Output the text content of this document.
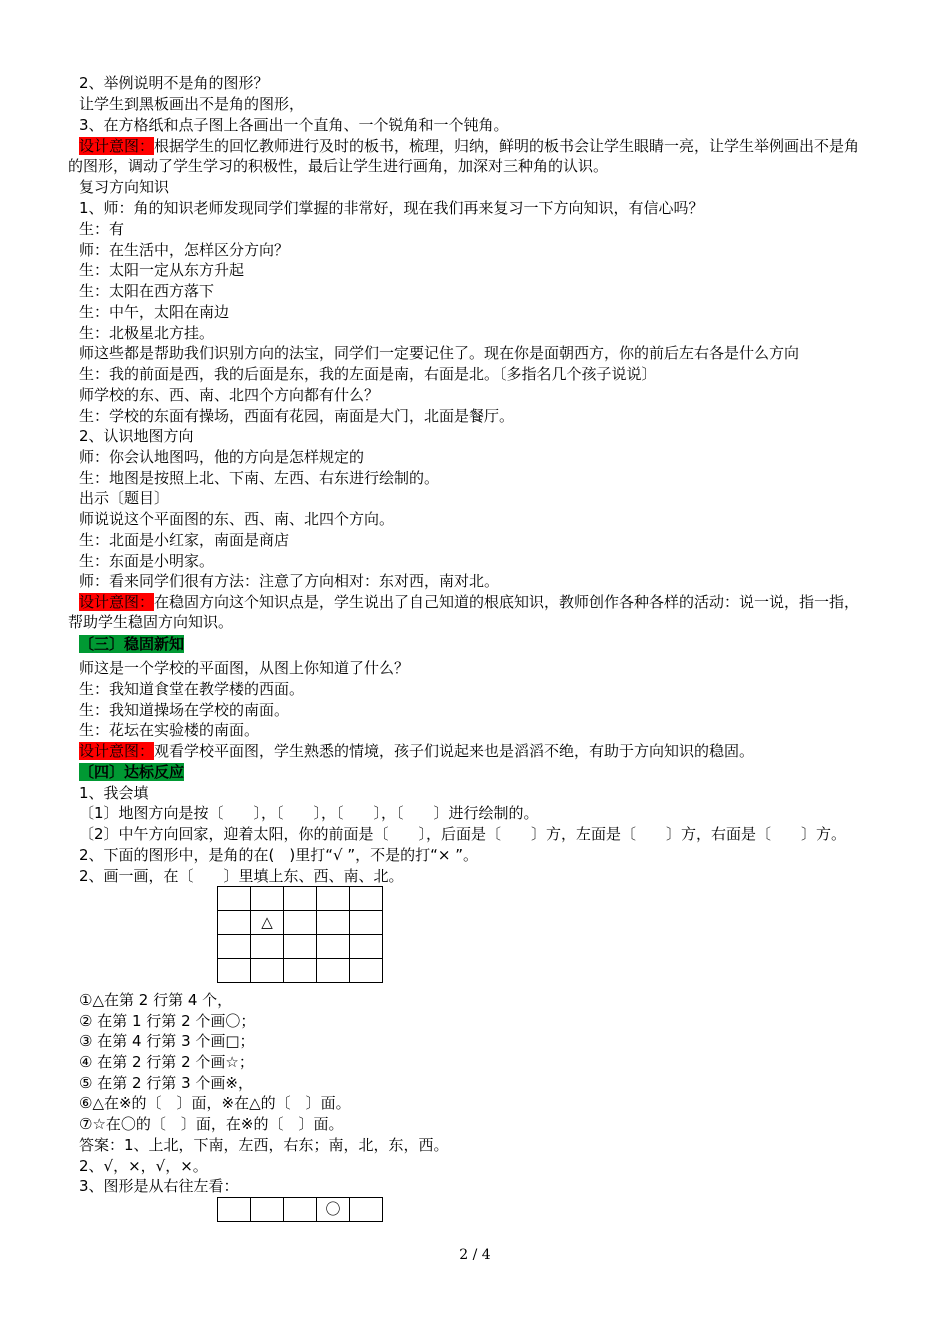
2、举例说明不是角的图形？
让学生到黑板画出不是角的图形，
3、在方格纸和点子图上各画出一个直角、一个锐角和一个钝角。
设计意图：根据学生的回忆教师进行及时的板书，梳理，归纳，鲜明的板书会让学生眼睛一亮，让学生举例画出不是角的图形，调动了学生学习的积极性，最后让学生进行画角，加深对三种角的认识。
复习方向知识
1、师：角的知识老师发现同学们掌握的非常好，现在我们再来复习一下方向知识，有信心吗？
生：有
师：在生活中，怎样区分方向？
生：太阳一定从东方升起
生：太阳在西方落下
生：中午，太阳在南边
生：北极星北方挂。
师这些都是帮助我们识别方向的法宝，同学们一定要记住了。现在你是面朝西方，你的前后左右各是什么方向
生：我的前面是西，我的后面是东，我的左面是南，右面是北。〔多指名几个孩子说说〕
师学校的东、西、南、北四个方向都有什么？
生：学校的东面有操场，西面有花园，南面是大门，北面是餐厅。
2、认识地图方向
师：你会认地图吗，他的方向是怎样规定的
生：地图是按照上北、下南、左西、右东进行绘制的。
出示〔题目〕
师说说这个平面图的东、西、南、北四个方向。
生：北面是小红家，南面是商店
生：东面是小明家。
师：看来同学们很有方法：注意了方向相对：东对西，南对北。
设计意图：在稳固方向这个知识点是，学生说出了自己知道的根底知识，教师创作各种各样的活动：说一说，指一指，帮助学生稳固方向知识。
〔三〕稳固新知
师这是一个学校的平面图，从图上你知道了什么？
生：我知道食堂在教学楼的西面。
生：我知道操场在学校的南面。
生：花坛在实验楼的南面。
设计意图：观看学校平面图，学生熟悉的情境，孩子们说起来也是滔滔不绝，有助于方向知识的稳固。
〔四〕达标反应
1、我会填
〔1〕地图方向是按〔　　〕，〔　　〕，〔　　〕，〔　　〕进行绘制的。
〔2〕中午方向回家，迎着太阳，你的前面是〔　　〕，后面是〔　　〕方，左面是〔　　〕方，右面是〔　　〕方。
2、下面的图形中，是角的在(　)里打“√ ”，不是的打“× ”。
2、画一画，在〔　　〕里填上东、西、南、北。

	△			

①△在第 2 行第 4 个，
② 在第 1 行第 2 个画〇；
③ 在第 4 行第 3 个画□；
④ 在第 2 行第 2 个画☆；
⑤ 在第 2 行第 3 个画※，
⑥△在※的〔　〕面，※在△的〔　〕面。
⑦☆在〇的〔　〕面，在※的〔　〕面。
答案：1、上北，下南，左西，右东；南，北，东，西。
2、√，×，√，×。
3、图形是从右往左看：
			〇	
2 / 4
